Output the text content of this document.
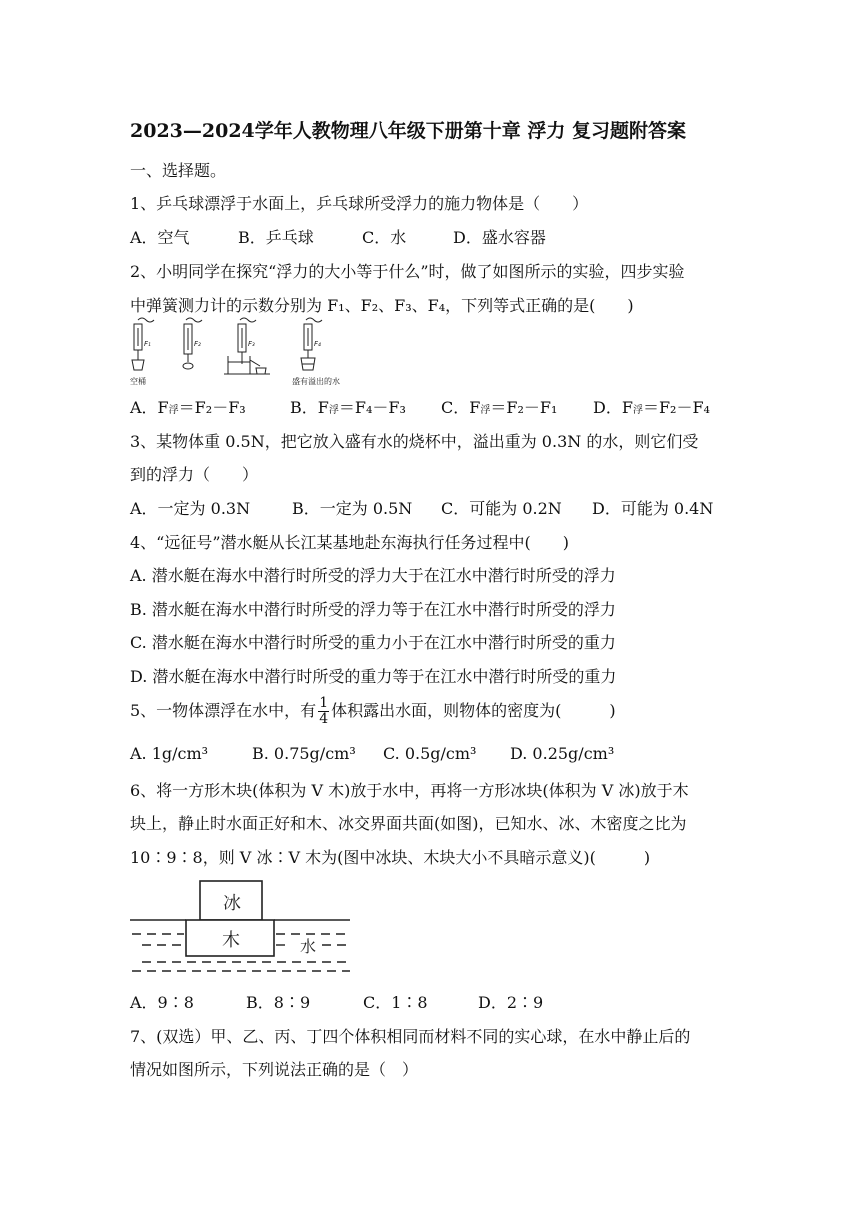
2023—2024学年人教物理八年级下册第十章 浮力 复习题附答案
一、选择题。
1、乒乓球漂浮于水面上，乒乓球所受浮力的施力物体是（　　）
A．空气	B．乒乓球	C．水	D．盛水容器
2、小明同学在探究“浮力的大小等于什么”时，做了如图所示的实验，四步实验
中弹簧测力计的示数分别为 F₁、F₂、F₃、F₄，下列等式正确的是(　　)
F₁	F₂	F₃	F₄
空桶	盛有溢出的水
A．F浮＝F₂－F₃	B．F浮＝F₄－F₃ C．F浮＝F₂－F₁ D．F浮＝F₂－F₄
3、某物体重 0.5N，把它放入盛有水的烧杯中，溢出重为 0.3N 的水，则它们受
到的浮力（　　）
A．一定为 0.3N	B．一定为 0.5N C．可能为 0.2N D．可能为 0.4N
4、“远征号”潜水艇从长江某基地赴东海执行任务过程中(　　)
A. 潜水艇在海水中潜行时所受的浮力大于在江水中潜行时所受的浮力
B. 潜水艇在海水中潜行时所受的浮力等于在江水中潜行时所受的浮力
C. 潜水艇在海水中潜行时所受的重力小于在江水中潜行时所受的重力
D. 潜水艇在海水中潜行时所受的重力等于在江水中潜行时所受的重力
5、一物体漂浮在水中，有 $\frac{1}{4}$ 体积露出水面，则物体的密度为(　　　)
A. 1g/cm³	B. 0.75g/cm³ C. 0.5g/cm³ D. 0.25g/cm³
6、将一方形木块(体积为 V 木)放于水中，再将一方形冰块(体积为 V 冰)放于木
块上，静止时水面正好和木、冰交界面共面(如图)，已知水、冰、木密度之比为
10∶9∶8，则 V 冰∶V 木为(图中冰块、木块大小不具暗示意义)(　　　)
冰
木	水
A．9∶8	B．8∶9	C．1∶8	D．2∶9
7、(双选）甲、乙、丙、丁四个体积相同而材料不同的实心球，在水中静止后的
情况如图所示，下列说法正确的是（　）
